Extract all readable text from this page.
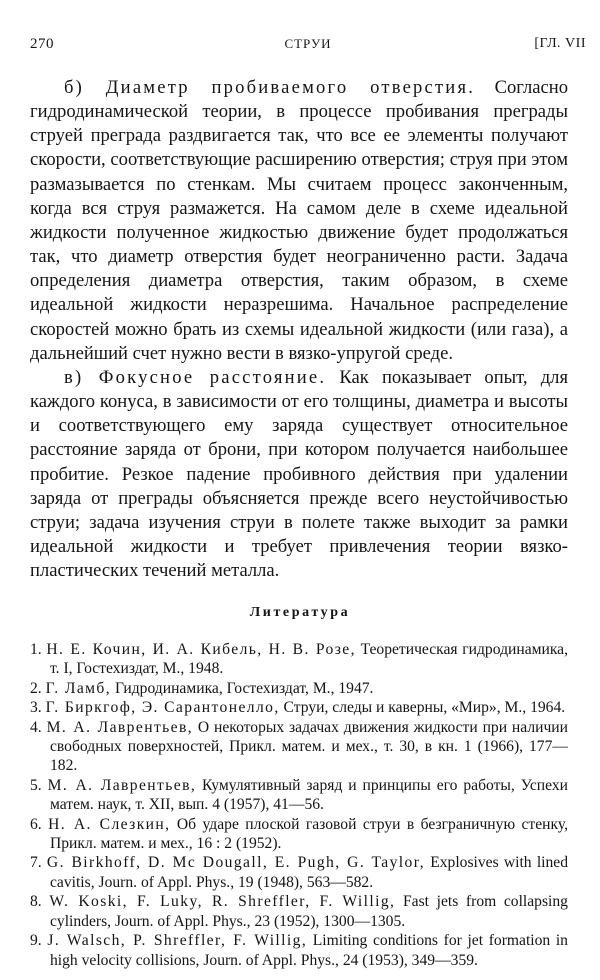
270	СТРУИ	[ГЛ. VII

б) Диаметр пробиваемого отверстия. Согласно гидродинамической теории, в процессе пробивания преграды струей преграда раздвигается так, что все ее элементы получают скорости, соответствующие расширению отверстия; струя при этом размазывается по стенкам. Мы считаем процесс законченным, когда вся струя размажется. На самом деле в схеме идеальной жидкости полученное жидкостью движение будет продолжаться так, что диаметр отверстия будет неограниченно расти. Задача определения диаметра отверстия, таким образом, в схеме идеальной жидкости неразрешима. Начальное распределение скоростей можно брать из схемы идеальной жидкости (или газа), а дальнейший счет нужно вести в вязко-упругой среде.

в) Фокусное расстояние. Как показывает опыт, для каждого конуса, в зависимости от его толщины, диаметра и высоты и соответствующего ему заряда существует относительное расстояние заряда от брони, при котором получается наибольшее пробитие. Резкое падение пробивного действия при удалении заряда от преграды объясняется прежде всего неустойчивостью струи; задача изучения струи в полете также выходит за рамки идеальной жидкости и требует привлечения теории вязко-пластических течений металла.

Литература
1. Н. Е. Кочин, И. А. Кибель, Н. В. Розе, Теоретическая гидродинамика, т. I, Гостехиздат, М., 1948.
2. Г. Ламб, Гидродинамика, Гостехиздат, М., 1947.
3. Г. Биркгоф, Э. Сарантонелло, Струи, следы и каверны, «Мир», М., 1964.
4. М. А. Лаврентьев, О некоторых задачах движения жидкости при наличии свободных поверхностей, Прикл. матем. и мех., т. 30, в кн. 1 (1966), 177—182.
5. М. А. Лаврентьев, Кумулятивный заряд и принципы его работы, Успехи матем. наук, т. XII, вып. 4 (1957), 41—56.
6. Н. А. Слезкин, Об ударе плоской газовой струи в безграничную стенку, Прикл. матем. и мех., 16 : 2 (1952).
7. G. Birkhoff, D. Mc Dougall, E. Pugh, G. Taylor, Explosives with lined cavitis, Journ. of Appl. Phys., 19 (1948), 563—582.
8. W. Koski, F. Luky, R. Shreffler, F. Willig, Fast jets from collapsing cylinders, Journ. of Appl. Phys., 23 (1952), 1300—1305.
9. J. Walsch, P. Shreffler, F. Willig, Limiting conditions for jet formation in high velocity collisions, Journ. of Appl. Phys., 24 (1953), 349—359.
